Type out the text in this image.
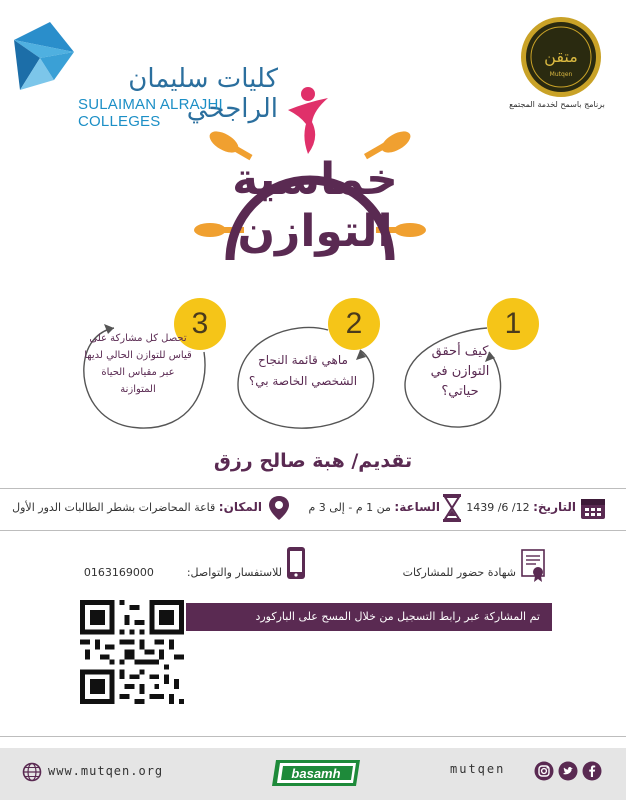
كليات سليمان الراجحي
SULAIMAN ALRAJHI COLLEGES
متقن
Mutqen
برنامج باسمح لخدمة المجتمع
خماسية
التوازن
1
كيف أحقق التوازن في حياتي؟
2
ماهي قائمة النجاح الشخصي الخاصة بي؟
3
تحصل كل مشاركة على قياس للتوازن الحالي لديها عبر مقياس الحياة المتوازنة
تقديم/ هبة صالح رزق
التاريخ: 12/ 6/ 1439
الساعة: من 1 م - إلى 3 م
المكان: قاعة المحاضرات بشطر الطالبات الدور الأول
شهادة حضور للمشاركات
للاستفسار والتواصل:  0163169000
تم المشاركة عبر رابط التسجيل من خلال المسح على الباركورد
www.mutqen.org	basamh	mutqen
